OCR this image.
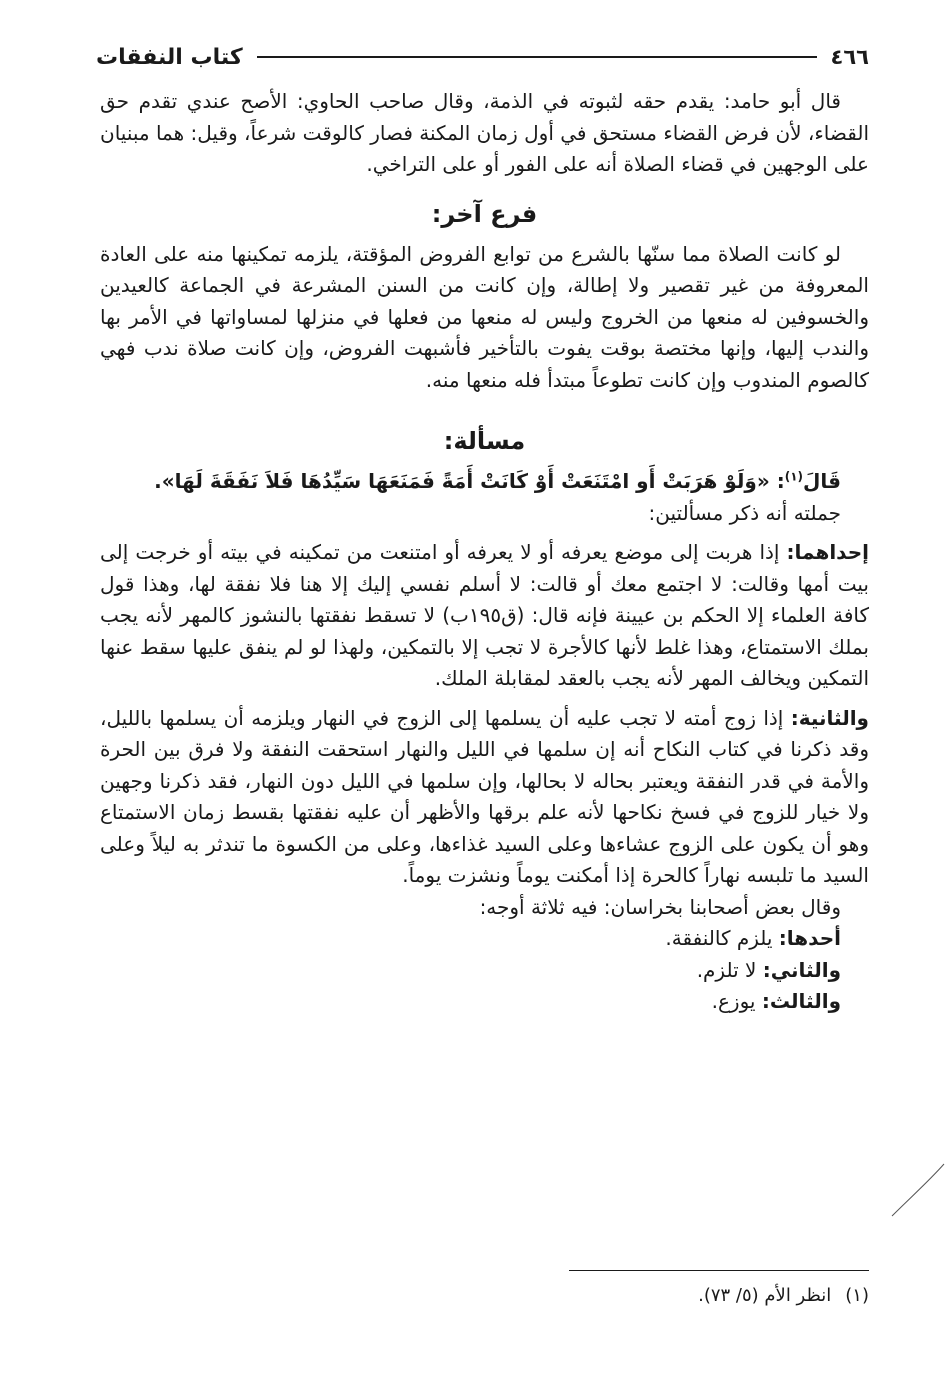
٤٦٦
كتاب النفقات

قال أبو حامد: يقدم حقه لثبوته في الذمة، وقال صاحب الحاوي: الأصح عندي تقدم حق القضاء، لأن فرض القضاء مستحق في أول زمان المكنة فصار كالوقت شرعاً، وقيل: هما مبنيان على الوجهين في قضاء الصلاة أنه على الفور أو على التراخي.

فرع آخر:

لو كانت الصلاة مما سنّها بالشرع من توابع الفروض المؤقتة، يلزمه تمكينها منه على العادة المعروفة من غير تقصير ولا إطالة، وإن كانت من السنن المشرعة في الجماعة كالعيدين والخسوفين له منعها من الخروج وليس له منعها من فعلها في منزلها لمساواتها في الأمر بها والندب إليها، وإنها مختصة بوقت يفوت بالتأخير فأشبهت الفروض، وإن كانت صلاة ندب فهي كالصوم المندوب وإن كانت تطوعاً مبتدأ فله منعها منه.

مسألة:

قَالَ$^{(١)}$: «وَلَوْ هَرَبَتْ أَو امْتَنَعَتْ أَوْ كَانَتْ أَمَةً فَمَنَعَهَا سَيِّدُهَا فَلاَ نَفَقَةَ لَهَا».

جملته أنه ذكر مسألتين:

إحداهما: إذا هربت إلى موضع يعرفه أو لا يعرفه أو امتنعت من تمكينه في بيته أو خرجت إلى بيت أمها وقالت: لا اجتمع معك أو قالت: لا أسلم نفسي إليك إلا هنا فلا نفقة لها، وهذا قول كافة العلماء إلا الحكم بن عيينة فإنه قال: (ق١٩٥ب) لا تسقط نفقتها بالنشوز كالمهر لأنه يجب بملك الاستمتاع، وهذا غلط لأنها كالأجرة لا تجب إلا بالتمكين، ولهذا لو لم ينفق عليها سقط عنها التمكين ويخالف المهر لأنه يجب بالعقد لمقابلة الملك.

والثانية: إذا زوج أمته لا تجب عليه أن يسلمها إلى الزوج في النهار ويلزمه أن يسلمها بالليل، وقد ذكرنا في كتاب النكاح أنه إن سلمها في الليل والنهار استحقت النفقة ولا فرق بين الحرة والأمة في قدر النفقة ويعتبر بحاله لا بحالها، وإن سلمها في الليل دون النهار، فقد ذكرنا وجهين ولا خيار للزوج في فسخ نكاحها لأنه علم برقها والأظهر أن عليه نفقتها بقسط زمان الاستمتاع وهو أن يكون على الزوج عشاءها وعلى السيد غذاءها، وعلى من الكسوة ما تندثر به ليلاً وعلى السيد ما تلبسه نهاراً كالحرة إذا أمكنت يوماً ونشزت يوماً.

وقال بعض أصحابنا بخراسان: فيه ثلاثة أوجه:

أحدها: يلزم كالنفقة.

والثاني: لا تلزم.

والثالث: يوزع.

(١)انظر الأم (٥/ ٧٣).
